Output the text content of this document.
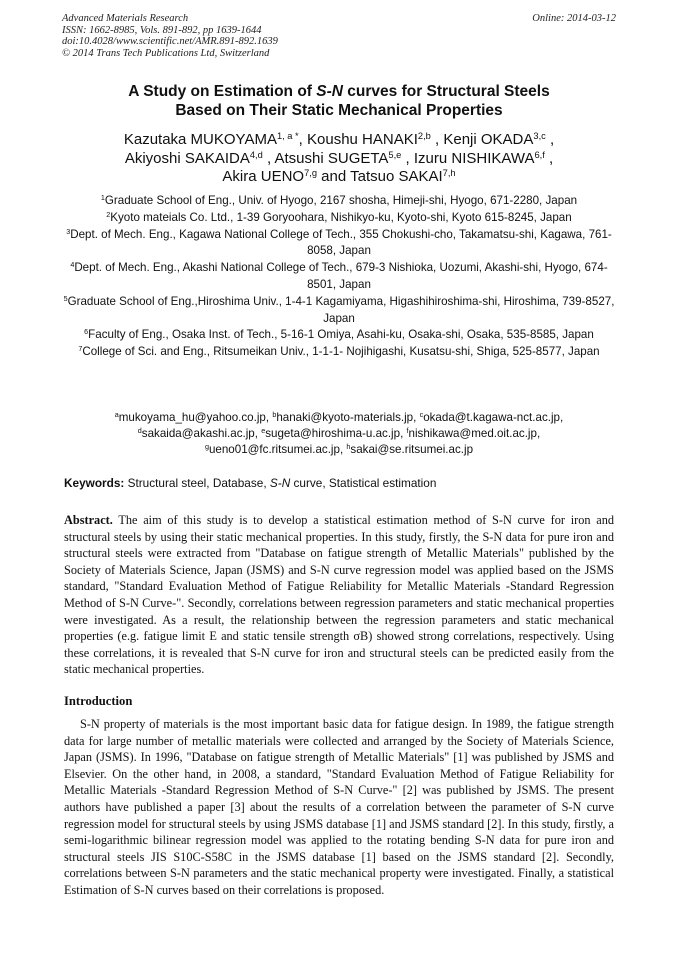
Advanced Materials Research
ISSN: 1662-8985, Vols. 891-892, pp 1639-1644
doi:10.4028/www.scientific.net/AMR.891-892.1639
© 2014 Trans Tech Publications Ltd, Switzerland
Online: 2014-03-12
A Study on Estimation of S-N curves for Structural Steels
Based on Their Static Mechanical Properties
Kazutaka $MUKOYAMA^{1, a *}$, Koushu HANAKI$^{2,b}$ , Kenji OKADA$^{3,c}$ ,
Akiyoshi SAKAIDA$^{4,d}$ , Atsushi SUGETA$^{5,e}$ , Izuru NISHIKAWA$^{6,f}$ ,
Akira UENO$^{7,g}$ and Tatsuo SAKAI$^{7,h}$

$^1$Graduate School of Eng., Univ. of Hyogo, 2167 shosha, Himeji-shi, Hyogo, 671-2280, Japan

$^2$Kyoto mateials Co. Ltd., 1-39 Goryoohara, Nishikyo-ku, Kyoto-shi, Kyoto 615-8245, Japan

$^3$Dept. of Mech. Eng., Kagawa National College of Tech., 355 Chokushi-cho, Takamatsu-shi, Kagawa, 761-8058, Japan

$^4$Dept. of Mech. Eng., Akashi National College of Tech., 679-3 Nishioka, Uozumi, Akashi-shi, Hyogo, 674-8501, Japan

$^5$Graduate School of Eng.,Hiroshima Univ., 1-4-1 Kagamiyama, Higashihiroshima-shi, Hiroshima, 739-8527, Japan

$^6$Faculty of Eng., Osaka Inst. of Tech., 5-16-1 Omiya, Asahi-ku, Osaka-shi, Osaka, 535-8585, Japan

$^7$College of Sci. and Eng., Ritsumeikan Univ., 1-1-1- Nojihigashi, Kusatsu-shi, Shiga, 525-8577, Japan

$^a$mukoyama_hu@yahoo.co.jp, $^b$hanaki@kyoto-materials.jp, $^c$okada@t.kagawa-nct.ac.jp,

$^d$sakaida@akashi.ac.jp, $^e$sugeta@hiroshima-u.ac.jp, $^f$nishikawa@med.oit.ac.jp,

$^g$ueno01@fc.ritsumei.ac.jp, $^h$sakai@se.ritsumei.ac.jp

Keywords: Structural steel, Database, S-N curve, Statistical estimation

Abstract. The aim of this study is to develop a statistical estimation method of S-N curve for iron and structural steels by using their static mechanical properties. In this study, firstly, the S-N data for pure iron and structural steels were extracted from "Database on fatigue strength of Metallic Materials" published by the Society of Materials Science, Japan (JSMS) and S-N curve regression model was applied based on the JSMS standard, "Standard Evaluation Method of Fatigue Reliability for Metallic Materials -Standard Regression Method of S-N Curve-". Secondly, correlations between regression parameters and static mechanical properties were investigated. As a result, the relationship between the regression parameters and static mechanical properties (e.g. fatigue limit E and static tensile strength σB) showed strong correlations, respectively. Using these correlations, it is revealed that S-N curve for iron and structural steels can be predicted easily from the static mechanical properties.

Introduction

S-N property of materials is the most important basic data for fatigue design. In 1989, the fatigue strength data for large number of metallic materials were collected and arranged by the Society of Materials Science, Japan (JSMS). In 1996, "Database on fatigue strength of Metallic Materials" [1] was published by JSMS and Elsevier. On the other hand, in 2008, a standard, "Standard Evaluation Method of Fatigue Reliability for Metallic Materials -Standard Regression Method of S-N Curve-" [2] was published by JSMS. The present authors have published a paper [3] about the results of a correlation between the parameter of S-N curve regression model for structural steels by using JSMS database [1] and JSMS standard [2]. In this study, firstly, a semi-logarithmic bilinear regression model was applied to the rotating bending S-N data for pure iron and structural steels JIS S10C-S58C in the JSMS database [1] based on the JSMS standard [2]. Secondly, correlations between S-N parameters and the static mechanical property were investigated. Finally, a statistical Estimation of S-N curves based on their correlations is proposed.
